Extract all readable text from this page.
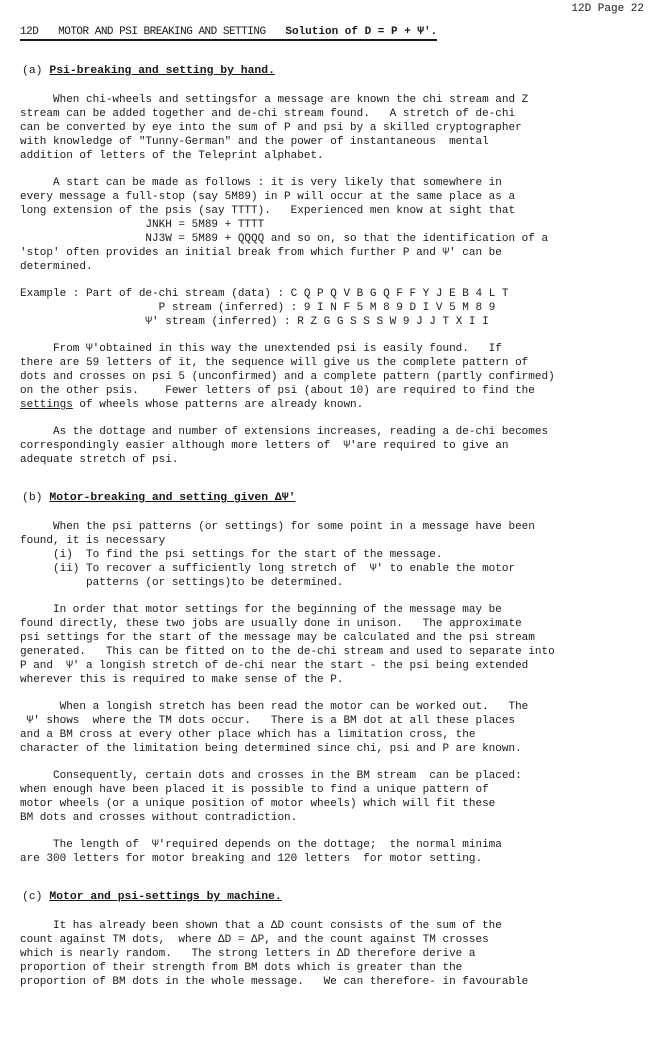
12D Page 22
12D MOTOR AND PSI BREAKING AND SETTING Solution of D = P + Ψ'.
(a) Psi-breaking and setting by hand.
When chi-wheels and settingsfor a message are known the chi stream and Z
stream can be added together and de-chi stream found.   A stretch of de-chi
can be converted by eye into the sum of P and psi by a skilled cryptographer
with knowledge of "Tunny-German" and the power of instantaneous  mental
addition of letters of the Teleprint alphabet.
A start can be made as follows : it is very likely that somewhere in
every message a full-stop (say 5M89) in P will occur at the same place as a
long extension of the psis (say TTTT).   Experienced men know at sight that
JNKH = 5M89 + TTTT
NJ3W = 5M89 + QQQQ and so on, so that the identification of a
'stop' often provides an initial break from which further P and Ψ' can be
determined.
Example : Part of de-chi stream (data) : C Q P Q V B G Q F F Y J E B 4 L T
P stream (inferred) : 9 I N F 5 M 8 9 D I V 5 M 8 9
Ψ' stream (inferred) : R Z G G S S S W 9 J J T X I I
From Ψ'obtained in this way the unextended psi is easily found.   If
there are 59 letters of it, the sequence will give us the complete pattern of
dots and crosses on psi 5 (unconfirmed) and a complete pattern (partly confirmed)
on the other psis.    Fewer letters of psi (about 10) are required to find the
settings of wheels whose patterns are already known.
As the dottage and number of extensions increases, reading a de-chi becomes
correspondingly easier although more letters of  Ψ'are required to give an
adequate stretch of psi.
(b) Motor-breaking and setting given ΔΨ'
When the psi patterns (or settings) for some point in a message have been
found, it is necessary
(i)  To find the psi settings for the start of the message.
(ii) To recover a sufficiently long stretch of  Ψ' to enable the motor
patterns (or settings)to be determined.
In order that motor settings for the beginning of the message may be
found directly, these two jobs are usually done in unison.   The approximate
psi settings for the start of the message may be calculated and the psi stream
generated.   This can be fitted on to the de-chi stream and used to separate into
P and  Ψ' a longish stretch of de-chi near the start - the psi being extended
wherever this is required to make sense of the P.
When a longish stretch has been read the motor can be worked out.   The
Ψ' shows  where the TM dots occur.   There is a BM dot at all these places
and a BM cross at every other place which has a limitation cross, the
character of the limitation being determined since chi, psi and P are known.
Consequently, certain dots and crosses in the BM stream  can be placed:
when enough have been placed it is possible to find a unique pattern of
motor wheels (or a unique position of motor wheels) which will fit these
BM dots and crosses without contradiction.
The length of  Ψ'required depends on the dottage;  the normal minima
are 300 letters for motor breaking and 120 letters  for motor setting.
(c) Motor and psi-settings by machine.
It has already been shown that a ΔD count consists of the sum of the
count against TM dots,  where ΔD = ΔP, and the count against TM crosses
which is nearly random.   The strong letters in ΔD therefore derive a
proportion of their strength from BM dots which is greater than the
proportion of BM dots in the whole message.   We can therefore- in favourable
